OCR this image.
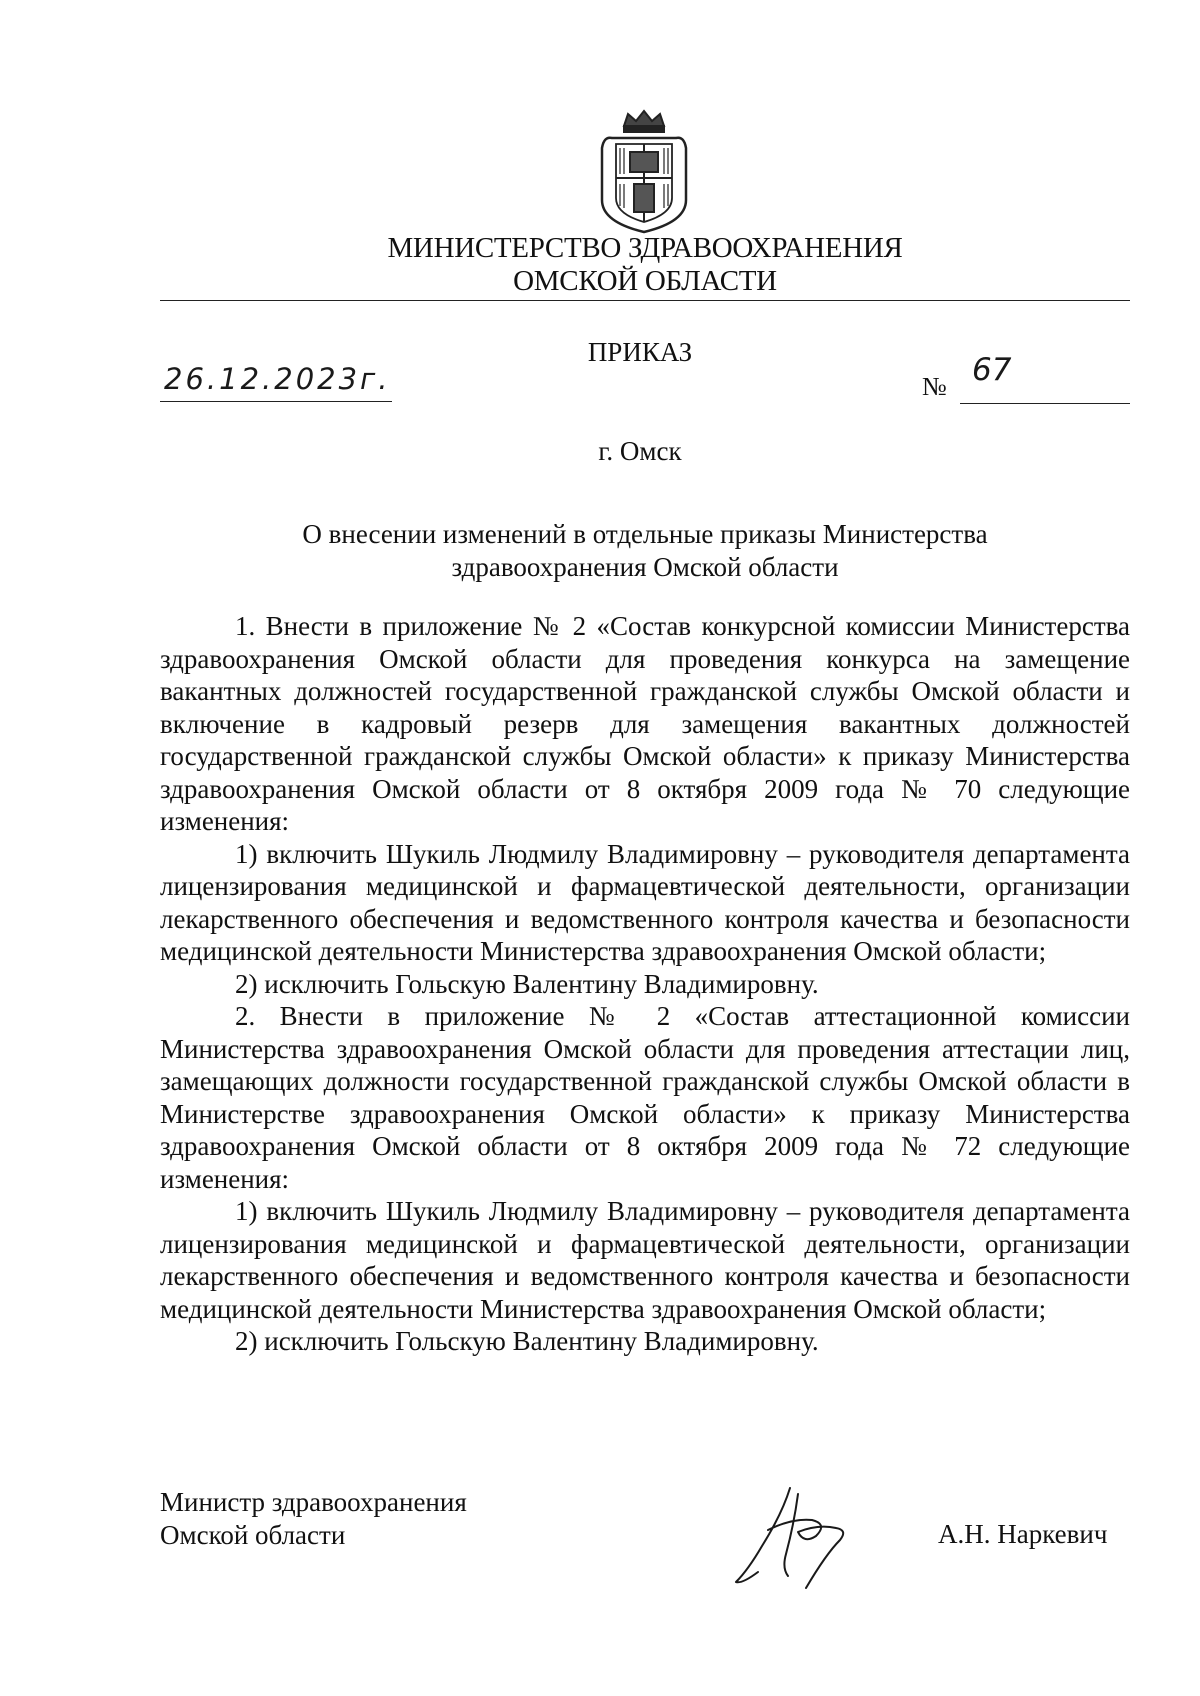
МИНИСТЕРСТВО ЗДРАВООХРАНЕНИЯ
ОМСКОЙ ОБЛАСТИ
ПРИКАЗ
26.12.2023г.	№ 67
г. Омск
О внесении изменений в отдельные приказы Министерства
здравоохранения Омской области

1. Внести в приложение № 2 «Состав конкурсной комиссии Министерства здравоохранения Омской области для проведения конкурса на замещение вакантных должностей государственной гражданской службы Омской области и включение в кадровый резерв для замещения вакантных должностей государственной гражданской службы Омской области» к приказу Министерства здравоохранения Омской области от 8 октября 2009 года № 70 следующие изменения:

1) включить Шукиль Людмилу Владимировну – руководителя департамента лицензирования медицинской и фармацевтической деятельности, организации лекарственного обеспечения и ведомственного контроля качества и безопасности медицинской деятельности Министерства здравоохранения Омской области;

2) исключить Гольскую Валентину Владимировну.

2. Внести в приложение № 2 «Состав аттестационной комиссии Министерства здравоохранения Омской области для проведения аттестации лиц, замещающих должности государственной гражданской службы Омской области в Министерстве здравоохранения Омской области» к приказу Министерства здравоохранения Омской области от 8 октября 2009 года № 72 следующие изменения:

1) включить Шукиль Людмилу Владимировну – руководителя департамента лицензирования медицинской и фармацевтической деятельности, организации лекарственного обеспечения и ведомственного контроля качества и безопасности медицинской деятельности Министерства здравоохранения Омской области;

2) исключить Гольскую Валентину Владимировну.

Министр здравоохранения
Омской области	А.Н. Наркевич
